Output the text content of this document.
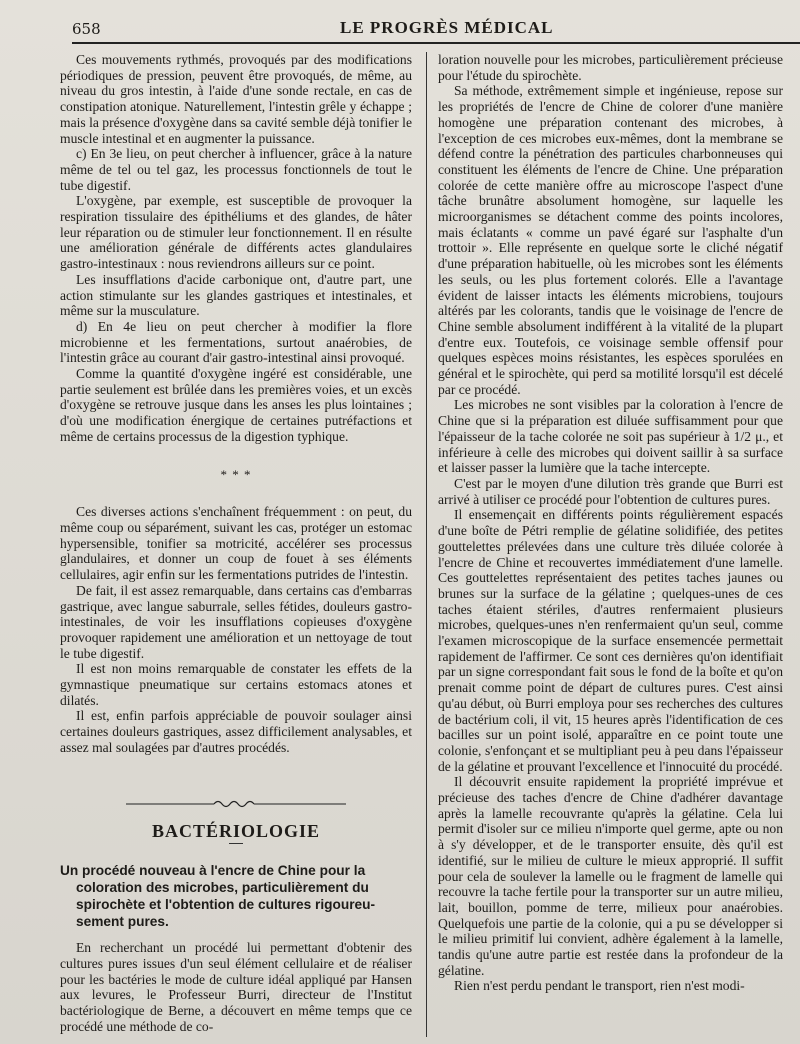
658	LE PROGRÈS MÉDICAL

Ces mouvements rythmés, provoqués par des modifications périodiques de pression, peuvent être provoqués, de même, au niveau du gros intestin, à l'aide d'une sonde rectale, en cas de constipation atonique. Naturellement, l'intestin grêle y échappe ; mais la présence d'oxygène dans sa cavité semble déjà tonifier le muscle intestinal et en augmenter la puissance.

c) En 3e lieu, on peut chercher à influencer, grâce à la nature même de tel ou tel gaz, les processus fonctionnels de tout le tube digestif.

L'oxygène, par exemple, est susceptible de provoquer la respiration tissulaire des épithéliums et des glandes, de hâter leur réparation ou de stimuler leur fonctionnement. Il en résulte une amélioration générale de différents actes glandulaires gastro-intestinaux : nous reviendrons ailleurs sur ce point.

Les insufflations d'acide carbonique ont, d'autre part, une action stimulante sur les glandes gastriques et intestinales, et même sur la musculature.

d) En 4e lieu on peut chercher à modifier la flore microbienne et les fermentations, surtout anaérobies, de l'intestin grâce au courant d'air gastro-intestinal ainsi provoqué.

Comme la quantité d'oxygène ingéré est considérable, une partie seulement est brûlée dans les premières voies, et un excès d'oxygène se retrouve jusque dans les anses les plus lointaines ; d'où une modification énergique de certaines putréfactions et même de certains processus de la digestion typhique.

* * *

Ces diverses actions s'enchaînent fréquemment : on peut, du même coup ou séparément, suivant les cas, protéger un estomac hypersensible, tonifier sa motricité, accélérer ses processus glandulaires, et donner un coup de fouet à ses éléments cellulaires, agir enfin sur les fermentations putrides de l'intestin.

De fait, il est assez remarquable, dans certains cas d'embarras gastrique, avec langue saburrale, selles fétides, douleurs gastro-intestinales, de voir les insufflations copieuses d'oxygène provoquer rapidement une amélioration et un nettoyage de tout le tube digestif.

Il est non moins remarquable de constater les effets de la gymnastique pneumatique sur certains estomacs atones et dilatés.

Il est, enfin parfois appréciable de pouvoir soulager ainsi certaines douleurs gastriques, assez difficilement analysables, et assez mal soulagées par d'autres procédés.

BACTÉRIOLOGIE
Un procédé nouveau à l'encre de Chine pour la
coloration des microbes, particulièrement du
spirochète et l'obtention de cultures rigoureu-
sement pures.

En recherchant un procédé lui permettant d'obtenir des cultures pures issues d'un seul élément cellulaire et de réaliser pour les bactéries le mode de culture idéal appliqué par Hansen aux levures, le Professeur Burri, directeur de l'Institut bactériologique de Berne, a découvert en même temps que ce procédé une méthode de co-

loration nouvelle pour les microbes, particulièrement précieuse pour l'étude du spirochète.

Sa méthode, extrêmement simple et ingénieuse, repose sur les propriétés de l'encre de Chine de colorer d'une manière homogène une préparation contenant des microbes, à l'exception de ces microbes eux-mêmes, dont la membrane se défend contre la pénétration des particules charbonneuses qui constituent les éléments de l'encre de Chine. Une préparation colorée de cette manière offre au microscope l'aspect d'une tâche brunâtre absolument homogène, sur laquelle les microorganismes se détachent comme des points incolores, mais éclatants « comme un pavé égaré sur l'asphalte d'un trottoir ». Elle représente en quelque sorte le cliché négatif d'une préparation habituelle, où les microbes sont les éléments les seuls, ou les plus fortement colorés. Elle a l'avantage évident de laisser intacts les éléments microbiens, toujours altérés par les colorants, tandis que le voisinage de l'encre de Chine semble absolument indifférent à la vitalité de la plupart d'entre eux. Toutefois, ce voisinage semble offensif pour quelques espèces moins résistantes, les espèces sporulées en général et le spirochète, qui perd sa motilité lorsqu'il est décelé par ce procédé.

Les microbes ne sont visibles par la coloration à l'encre de Chine que si la préparation est diluée suffisamment pour que l'épaisseur de la tache colorée ne soit pas supérieur à 1/2 μ., et inférieure à celle des microbes qui doivent saillir à sa surface et laisser passer la lumière que la tache intercepte.

C'est par le moyen d'une dilution très grande que Burri est arrivé à utiliser ce procédé pour l'obtention de cultures pures.

Il ensemençait en différents points régulièrement espacés d'une boîte de Pétri remplie de gélatine solidifiée, des petites gouttelettes prélevées dans une culture très diluée colorée à l'encre de Chine et recouvertes immédiatement d'une lamelle. Ces gouttelettes représentaient des petites taches jaunes ou brunes sur la surface de la gélatine ; quelques-unes de ces taches étaient stériles, d'autres renfermaient plusieurs microbes, quelques-unes n'en renfermaient qu'un seul, comme l'examen microscopique de la surface ensemencée permettait rapidement de l'affirmer. Ce sont ces dernières qu'on identifiait par un signe correspondant fait sous le fond de la boîte et qu'on prenait comme point de départ de cultures pures. C'est ainsi qu'au début, où Burri employa pour ses recherches des cultures de bactérium coli, il vit, 15 heures après l'identification de ces bacilles sur un point isolé, apparaître en ce point toute une colonie, s'enfonçant et se multipliant peu à peu dans l'épaisseur de la gélatine et prouvant l'excellence et l'innocuité du procédé.

Il découvrit ensuite rapidement la propriété imprévue et précieuse des taches d'encre de Chine d'adhérer davantage après la lamelle recouvrante qu'après la gélatine. Cela lui permit d'isoler sur ce milieu n'importe quel germe, apte ou non à s'y développer, et de le transporter ensuite, dès qu'il est identifié, sur le milieu de culture le mieux approprié. Il suffit pour cela de soulever la lamelle ou le fragment de lamelle qui recouvre la tache fertile pour la transporter sur un autre milieu, lait, bouillon, pomme de terre, milieux pour anaérobies. Quelquefois une partie de la colonie, qui a pu se développer si le milieu primitif lui convient, adhère également à la lamelle, tandis qu'une autre partie est restée dans la profondeur de la gélatine.

Rien n'est perdu pendant le transport, rien n'est modi-
